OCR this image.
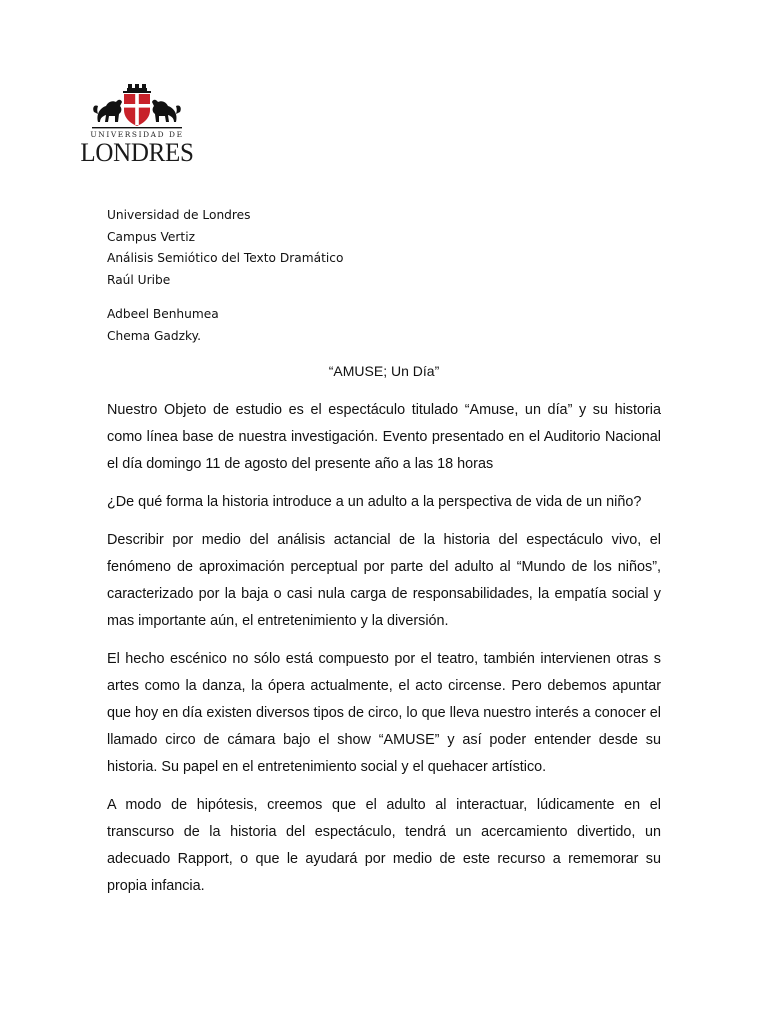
UNIVERSIDAD DE
LONDRES
Universidad de Londres
Campus Vertiz
Análisis Semiótico del Texto Dramático
Raúl Uribe
Adbeel Benhumea
Chema Gadzky.
“AMUSE; Un Día”

Nuestro Objeto de estudio es el espectáculo titulado “Amuse, un día” y su historia como línea base de nuestra investigación. Evento presentado en el Auditorio Nacional el día domingo 11 de agosto del presente año a las 18 horas

¿De qué forma la historia introduce a un adulto a la perspectiva de vida de un niño?

Describir por medio del análisis actancial de la historia del espectáculo vivo, el fenómeno de aproximación perceptual por parte del adulto al “Mundo de los niños”, caracterizado por la baja o casi nula carga de responsabilidades, la empatía social y mas importante aún, el entretenimiento y la diversión.

El hecho escénico no sólo está compuesto por el teatro, también intervienen otras s artes como la danza, la ópera actualmente, el acto circense. Pero debemos apuntar que hoy en día existen diversos tipos de circo, lo que lleva nuestro interés a conocer el llamado circo de cámara bajo el show “AMUSE” y así poder entender desde su historia. Su papel en el entretenimiento social y el quehacer artístico.

A modo de hipótesis, creemos que el adulto al interactuar, lúdicamente en el transcurso de la historia del espectáculo, tendrá un acercamiento divertido, un adecuado Rapport, o que le ayudará por medio de este recurso a rememorar su propia infancia.
